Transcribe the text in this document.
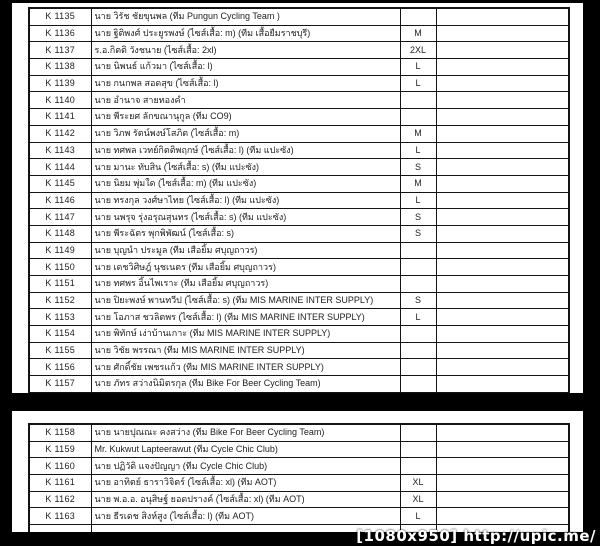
K 1135	นาย วิรัช ชัยขุนพล (ทีม Pungun Cycling Team )		
K 1136	นาย ฐิติพงศ์ ประยูรพงษ์ (ไซส์เสื้อ: m) (ทีม เสื้อยืมราชบุรี)	M	
K 1137	ร.อ.กิตติ วังชนาย (ไซส์เสื้อ: 2xl)	2XL	
K 1138	นาย นิพนธ์ แก้วมา (ไซส์เสื้อ: l)	L	
K 1139	นาย กนกพล สอดสุข (ไซส์เสื้อ: l)	L	
K 1140	นาย อำนาจ สายทองคำ		
K 1141	นาย พีระยศ ลักขณานุกูล (ทีม CO9)		
K 1142	นาย วิภพ รัตน์พงษ์โสภิต (ไซส์เสื้อ: m)	M	
K 1143	นาย ทศพล เวทย์กิตติพฤกษ์ (ไซส์เสื้อ: l) (ทีม แปะซัง)	L	
K 1144	นาย มานะ ทับสิน (ไซส์เสื้อ: s) (ทีม แปะซัง)	S	
K 1145	นาย นิยม พุ่มใด (ไซส์เสื้อ: m) (ทีม แปะซัง)	M	
K 1146	นาย ทรงกุล วงศ์ษาไทย (ไซส์เสื้อ: l) (ทีม แปะซัง)	L	
K 1147	นาย นพรุจ รุ่งอรุณสุนทร (ไซส์เสื้อ: s) (ทีม แปะซัง)	S	
K 1148	นาย พีระฉัตร พุกพิพัฒน์ (ไซส์เสื้อ: s)	S	
K 1149	นาย บุญนำ ประมูล (ทีม เสือยิ้ม ศบุญถาวร)		
K 1150	นาย เดชวิศิษฎ์ นุชเนตร (ทีม เสือยิ้ม ศบุญถาวร)		
K 1151	นาย ทศพร อิ้นไพเราะ (ทีม เสือยิ้ม ศบุญถาวร)		
K 1152	นาย ปิยะพงษ์ พานทวีป (ไซส์เสื้อ: s) (ทีม MIS MARINE INTER SUPPLY)	S	
K 1153	นาย โอภาส ชวลิตพร (ไซส์เสื้อ: l) (ทีม MIS MARINE INTER SUPPLY)	L	
K 1154	นาย พิทักษ์ เง่าบ้านเกาะ (ทีม MIS MARINE INTER SUPPLY)		
K 1155	นาย วิชัย พรรณา (ทีม MIS MARINE INTER SUPPLY)		
K 1156	นาย ศักดิ์ชัย เพชรแก้ว (ทีม MIS MARINE INTER SUPPLY)		
K 1157	นาย ภัทร สว่างนิมิตรกุล (ทีม Bike For Beer Cycling Team)		
K 1158	นาย นายปุณณะ คงสว่าง (ทีม Bike For Beer Cycling Team)		
K 1159	Mr. Kukwut Lapteerawut (ทีม Cycle Chic Club)		
K 1160	นาย ปฏิวัติ แจงปัญญา (ทีม Cycle Chic Club)		
K 1161	นาย อาทิตย์ ธาราวิจิตร์ (ไซส์เสื้อ: xl) (ทีม AOT)	XL	
K 1162	นาย พ.อ.อ. อนุสิษฐ์ ยอดปรางค์ (ไซส์เสื้อ: xl) (ทีม AOT)	XL	
K 1163	นาย ธีรเดช สิงห์สูง (ไซส์เสื้อ: l) (ทีม AOT)	L	

[1080x950] http://upic.me/
